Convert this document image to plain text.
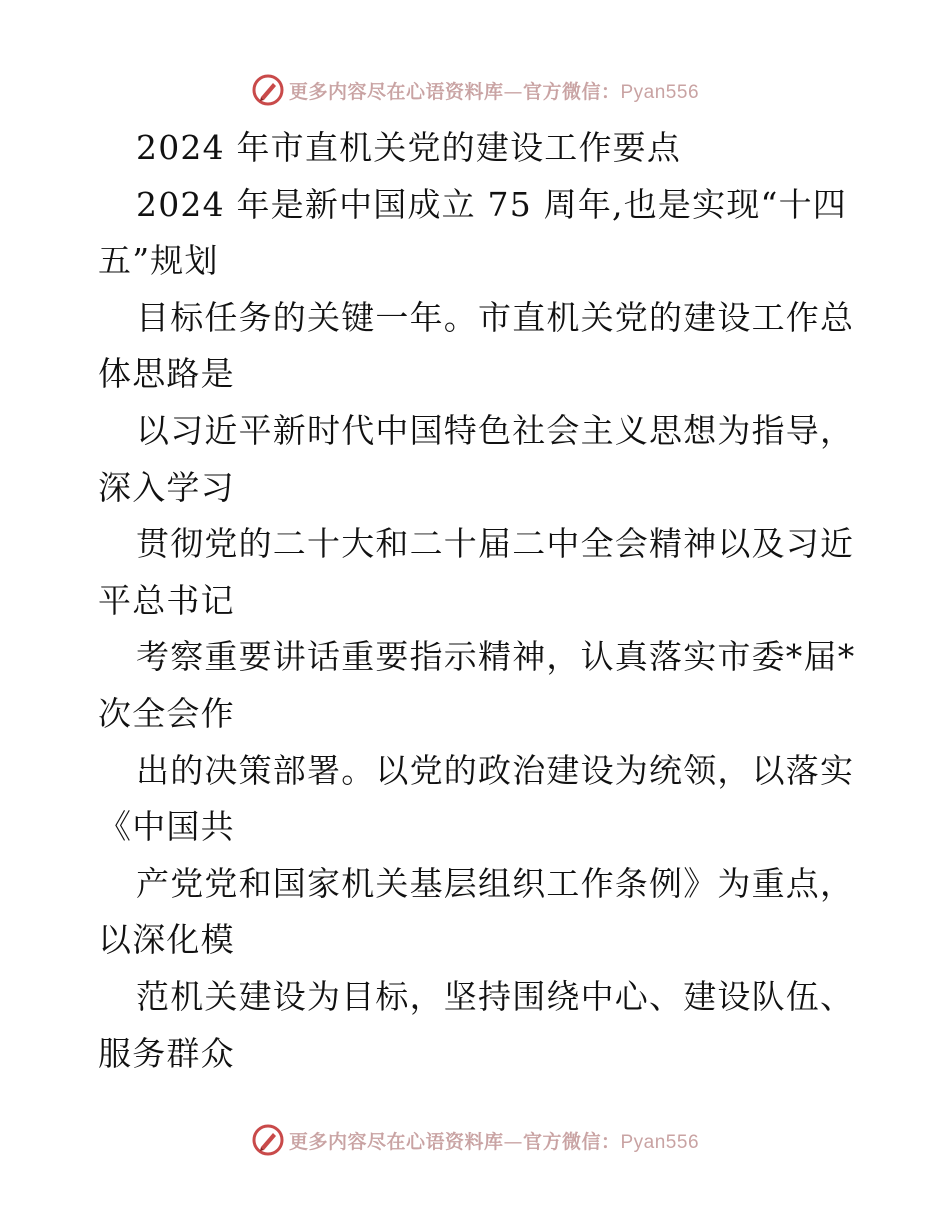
更多内容尽在心语资料库—官方微信：Pyan556
2024 年市直机关党的建设工作要点
2024 年是新中国成立 75 周年,也是实现“十四
五”规划
目标任务的关键一年。市直机关党的建设工作总
体思路是
以习近平新时代中国特色社会主义思想为指导，
深入学习
贯彻党的二十大和二十届二中全会精神以及习近
平总书记
考察重要讲话重要指示精神，认真落实市委*届*
次全会作
出的决策部署。以党的政治建设为统领，以落实
《中国共
产党党和国家机关基层组织工作条例》为重点，
以深化模
范机关建设为目标，坚持围绕中心、建设队伍、
服务群众
更多内容尽在心语资料库—官方微信：Pyan556
